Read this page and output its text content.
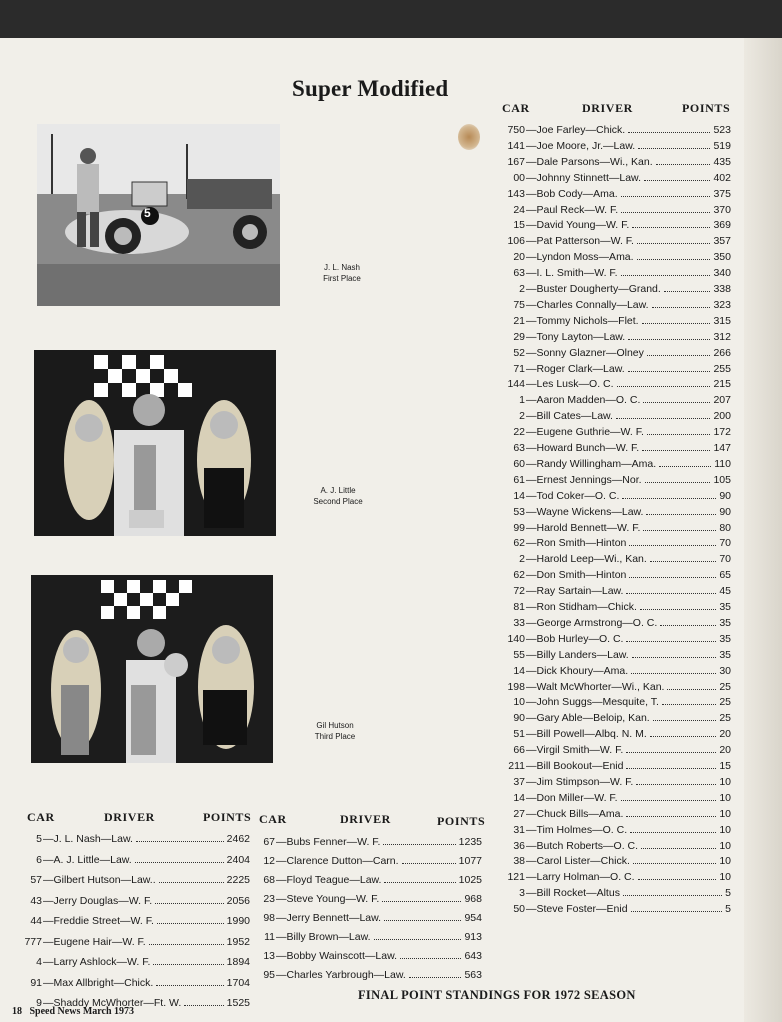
Super Modified
5
J. L. Nash
First Place
A. J. Little
Second Place
Gil Hutson
Third Place
CAR	DRIVER	POINTS
CAR	DRIVER	POINTS CAR	DRIVER	POINTS
5 —J. L. Nash—Law.	2462
6 —A. J. Little—Law.	2404
57 —Gilbert Hutson—Law..	2225
43 —Jerry Douglas—W. F.	2056
44 —Freddie Street—W. F.	1990
777 —Eugene Hair—W. F.	1952
4 —Larry Ashlock—W. F.	1894
91 —Max Allbright—Chick.	1704
9 —Shaddy McWhorter—Ft. W.	1525
67 —Bubs Fenner—W. F.	1235
12 —Clarence Dutton—Carn.	1077
68 —Floyd Teague—Law.	1025
23 —Steve Young—W. F.	968
98 —Jerry Bennett—Law.	954
11 —Billy Brown—Law.	913
13 —Bobby Wainscott—Law.	643
95 —Charles Yarbrough—Law.	563
750 —Joe Farley—Chick.	523
141 —Joe Moore, Jr.—Law.	519
167 —Dale Parsons—Wi., Kan.	435
00 —Johnny Stinnett—Law.	402
143 —Bob Cody—Ama.	375
24 —Paul Reck—W. F.	370
15 —David Young—W. F.	369
106 —Pat Patterson—W. F.	357
20 —Lyndon Moss—Ama.	350
63 —I. L. Smith—W. F.	340
2 —Buster Dougherty—Grand.	338
75 —Charles Connally—Law.	323
21 —Tommy Nichols—Flet.	315
29 —Tony Layton—Law.	312
52 —Sonny Glazner—Olney	266
71 —Roger Clark—Law.	255
144 —Les Lusk—O. C.	215
1 —Aaron Madden—O. C.	207
2 —Bill Cates—Law.	200
22 —Eugene Guthrie—W. F.	172
63 —Howard Bunch—W. F.	147
60 —Randy Willingham—Ama.	110
61 —Ernest Jennings—Nor.	105
14 —Tod Coker—O. C.	90
53 —Wayne Wickens—Law.	90
99 —Harold Bennett—W. F.	80
62 —Ron Smith—Hinton	70
2 —Harold Leep—Wi., Kan.	70
62 —Don Smith—Hinton	65
72 —Ray Sartain—Law.	45
81 —Ron Stidham—Chick.	35
33 —George Armstrong—O. C.	35
140 —Bob Hurley—O. C.	35
55 —Billy Landers—Law.	35
14 —Dick Khoury—Ama.	30
198 —Walt McWhorter—Wi., Kan.	25
10 —John Suggs—Mesquite, T.	25
90 —Gary Able—Beloip, Kan.	25
51 —Bill Powell—Albq. N. M.	20
66 —Virgil Smith—W. F.	20
211 —Bill Bookout—Enid	15
37 —Jim Stimpson—W. F.	10
14 —Don Miller—W. F.	10
27 —Chuck Bills—Ama.	10
31 —Tim Holmes—O. C.	10
36 —Butch Roberts—O. C.	10
38 —Carol Lister—Chick.	10
121 —Larry Holman—O. C.	10
3 —Bill Rocket—Altus	5
50 —Steve Foster—Enid	5
18 Speed News March 1973
FINAL POINT STANDINGS FOR 1972 SEASON
